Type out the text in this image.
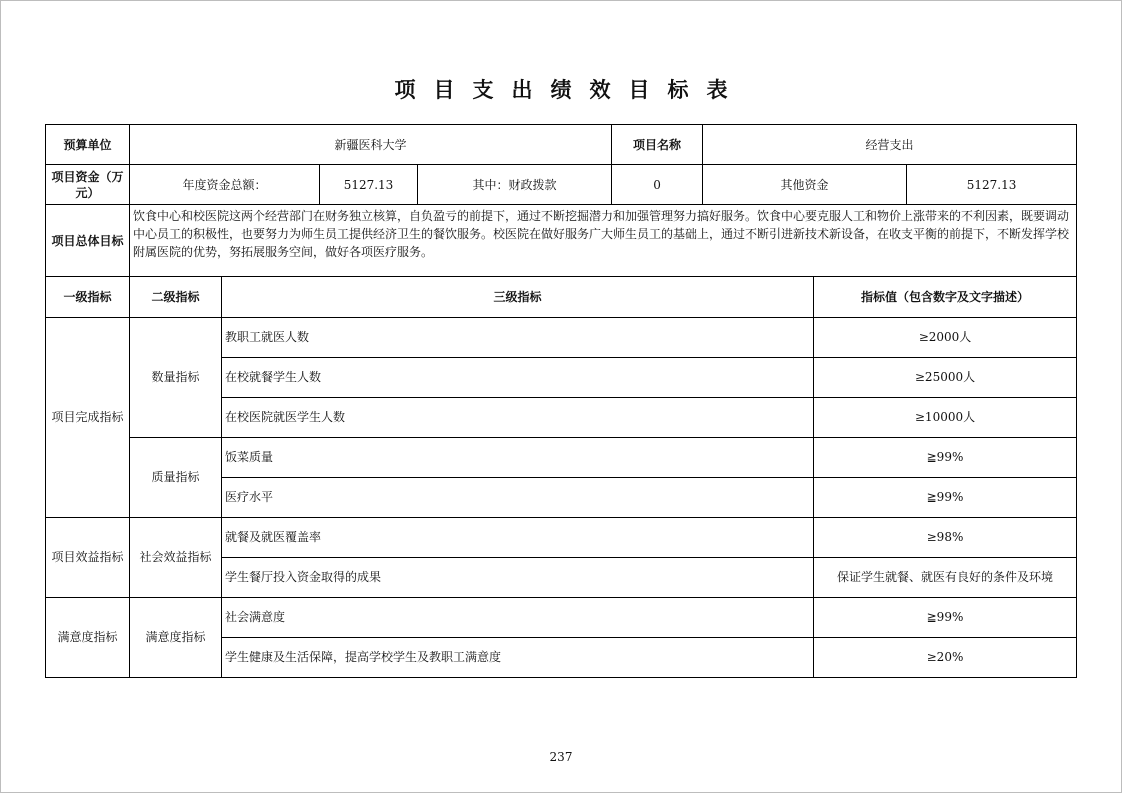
项 目 支 出 绩 效 目 标 表
预算单位	新疆医科大学			项目名称	经营支出	
项目资金（万元）	年度资金总额：	5127.13	其中：财政拨款	0	其他资金	5127.13
项目总体目标	饮食中心和校医院这两个经营部门在财务独立核算，自负盈亏的前提下，通过不断挖掘潜力和加强管理努力搞好服务。饮食中心要克服人工和物价上涨带来的不利因素，既要调动中心员工的积极性，也要努力为师生员工提供经济卫生的餐饮服务。校医院在做好服务广大师生员工的基础上，通过不断引进新技术新设备，在收支平衡的前提下，不断发挥学校附属医院的优势，努拓展服务空间，做好各项医疗服务。					
一级指标	二级指标	三级指标	指标值（包含数字及文字描述）
项目完成指标	数量指标	教职工就医人数	≥2000人
		在校就餐学生人数	≥25000人
		在校医院就医学生人数	≥10000人
	质量指标	饭菜质量	≧99%
		医疗水平	≧99%
项目效益指标	社会效益指标	就餐及就医覆盖率	≥98%
		学生餐厅投入资金取得的成果	保证学生就餐、就医有良好的条件及环境
满意度指标	满意度指标	社会满意度	≧99%
		学生健康及生活保障，提高学校学生及教职工满意度	≥20%
237
